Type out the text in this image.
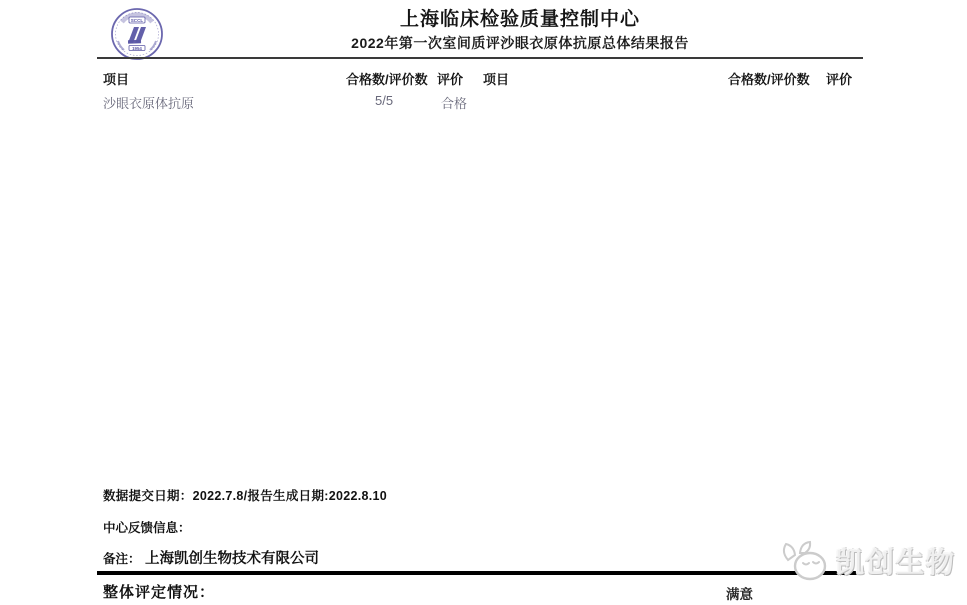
SCCL
1954
上海临床检验质量控制中心
2022年第一次室间质评沙眼衣原体抗原总体结果报告
项目	合格数/评价数 评价 项目	合格数/评价数 评价
沙眼衣原体抗原	5/5	合格
数据提交日期：2022.7.8/报告生成日期:2022.8.10
中心反馈信息：
备注： 上海凯创生物技术有限公司
整体评定情况：	满意
凯创生物
